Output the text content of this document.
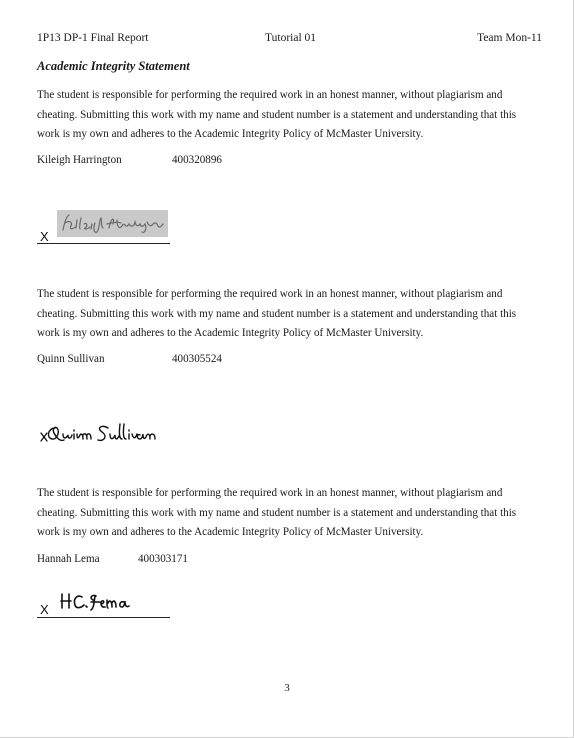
1P13 DP-1 Final Report	Tutorial 01	Team Mon-11
Academic Integrity Statement

The student is responsible for performing the required work in an honest manner, without plagiarism and cheating. Submitting this work with my name and student number is a statement and understanding that this work is my own and adheres to the Academic Integrity Policy of McMaster University.

Kileigh Harrington	400320896
X

The student is responsible for performing the required work in an honest manner, without plagiarism and cheating. Submitting this work with my name and student number is a statement and understanding that this work is my own and adheres to the Academic Integrity Policy of McMaster University.

Quinn Sullivan	400305524

The student is responsible for performing the required work in an honest manner, without plagiarism and cheating. Submitting this work with my name and student number is a statement and understanding that this work is my own and adheres to the Academic Integrity Policy of McMaster University.

Hannah Lema	400303171
X
3
